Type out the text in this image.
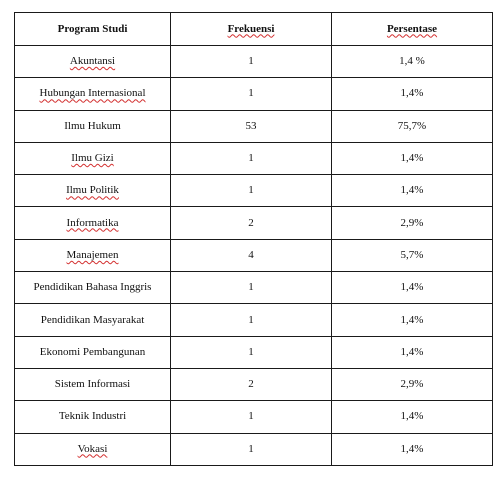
Program Studi	Frekuensi	Persentase
Akuntansi	1	1,4 %
Hubungan Internasional	1	1,4%
Ilmu Hukum	53	75,7%
Ilmu Gizi	1	1,4%
Ilmu Politik	1	1,4%
Informatika	2	2,9%
Manajemen	4	5,7%
Pendidikan Bahasa Inggris	1	1,4%
Pendidikan Masyarakat	1	1,4%
Ekonomi Pembangunan	1	1,4%
Sistem Informasi	2	2,9%
Teknik Industri	1	1,4%
Vokasi	1	1,4%
